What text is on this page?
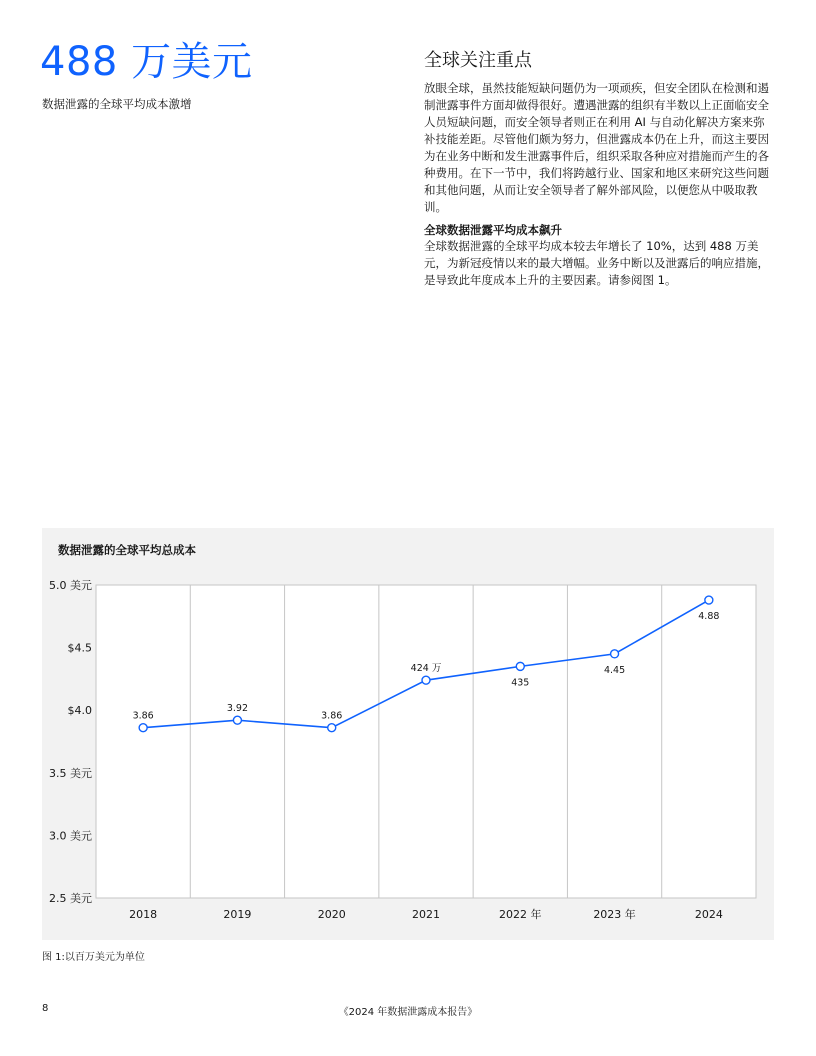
488 万美元
数据泄露的全球平均成本激增
全球关注重点
放眼全球，虽然技能短缺问题仍为一项顽疾，但安全团队在检测和遏制泄露事件方面却做得很好。遭遇泄露的组织有半数以上正面临安全人员短缺问题，而安全领导者则正在利用 AI 与自动化解决方案来弥补技能差距。尽管他们颇为努力，但泄露成本仍在上升，而这主要因为在业务中断和发生泄露事件后，组织采取各种应对措施而产生的各种费用。在下一节中，我们将跨越行业、国家和地区来研究这些问题和其他问题，从而让安全领导者了解外部风险，以便您从中吸取教训。
全球数据泄露平均成本飙升
全球数据泄露的全球平均成本较去年增长了 10%，达到 488 万美元，为新冠疫情以来的最大增幅。业务中断以及泄露后的响应措施，是导致此年度成本上升的主要因素。请参阅图 1。
数据泄露的全球平均总成本
5.0 美元
$4.5
$4.0
3.5 美元
3.0 美元
2.5 美元
2018	2019	2020	2021	2022 年	2023 年	2024
3.86
3.92
3.86
424 万
435
4.45
4.88
图 1:以百万美元为单位
8	《2024 年数据泄露成本报告》
